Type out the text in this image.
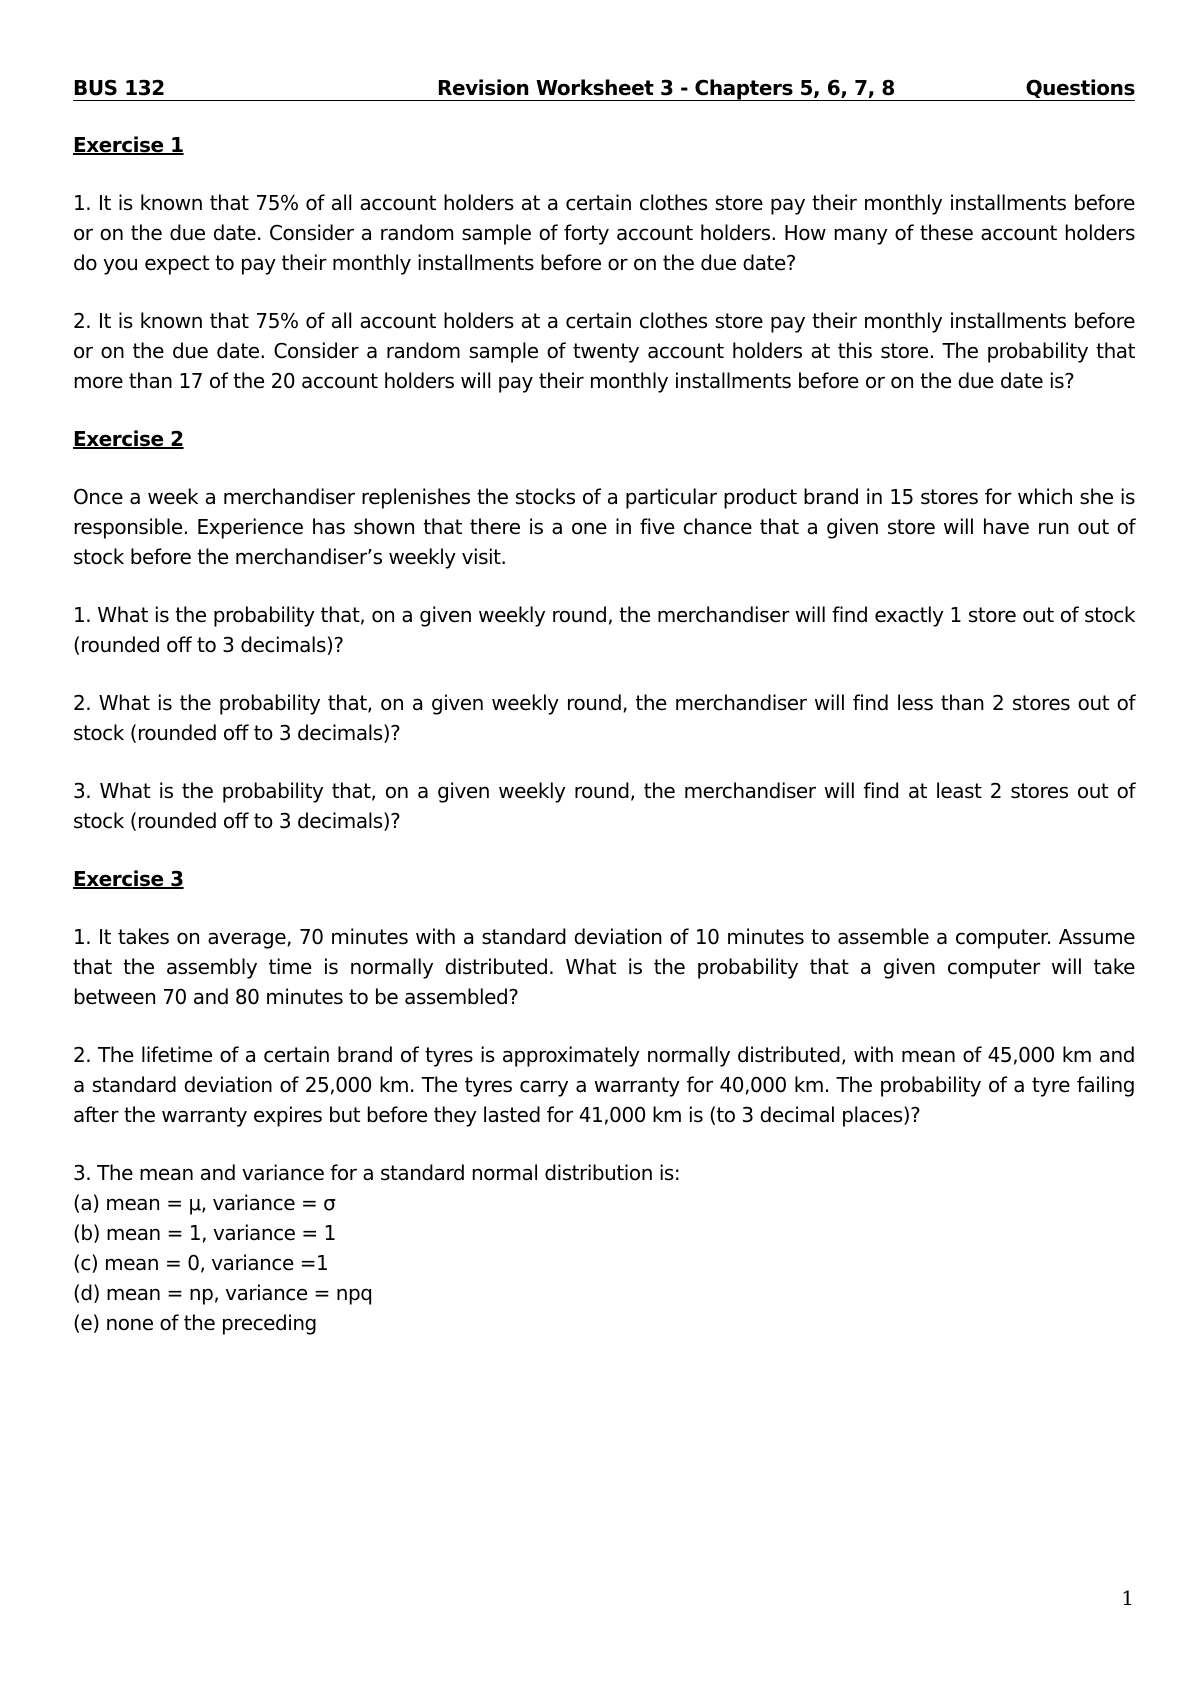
BUS 132	Revision Worksheet 3 - Chapters 5, 6, 7, 8	Questions
Exercise 1

1. It is known that 75% of all account holders at a certain clothes store pay their monthly installments before or on the due date. Consider a random sample of forty account holders. How many of these account holders do you expect to pay their monthly installments before or on the due date?

2. It is known that 75% of all account holders at a certain clothes store pay their monthly installments before or on the due date. Consider a random sample of twenty account holders at this store. The probability that more than 17 of the 20 account holders will pay their monthly installments before or on the due date is?

Exercise 2

Once a week a merchandiser replenishes the stocks of a particular product brand in 15 stores for which she is responsible. Experience has shown that there is a one in five chance that a given store will have run out of stock before the merchandiser’s weekly visit.

1. What is the probability that, on a given weekly round, the merchandiser will find exactly 1 store out of stock (rounded off to 3 decimals)?

2. What is the probability that, on a given weekly round, the merchandiser will find less than 2 stores out of stock (rounded off to 3 decimals)?

3. What is the probability that, on a given weekly round, the merchandiser will find at least 2 stores out of stock (rounded off to 3 decimals)?

Exercise 3

1. It takes on average, 70 minutes with a standard deviation of 10 minutes to assemble a computer. Assume that the assembly time is normally distributed. What is the probability that a given computer will take between 70 and 80 minutes to be assembled?

2. The lifetime of a certain brand of tyres is approximately normally distributed, with mean of 45,000 km and a standard deviation of 25,000 km. The tyres carry a warranty for 40,000 km. The probability of a tyre failing after the warranty expires but before they lasted for 41,000 km is (to 3 decimal places)?

3. The mean and variance for a standard normal distribution is:
(a) mean = μ, variance = σ
(b) mean = 1, variance = 1
(c) mean = 0, variance =1
(d) mean = np, variance = npq
(e) none of the preceding
1
